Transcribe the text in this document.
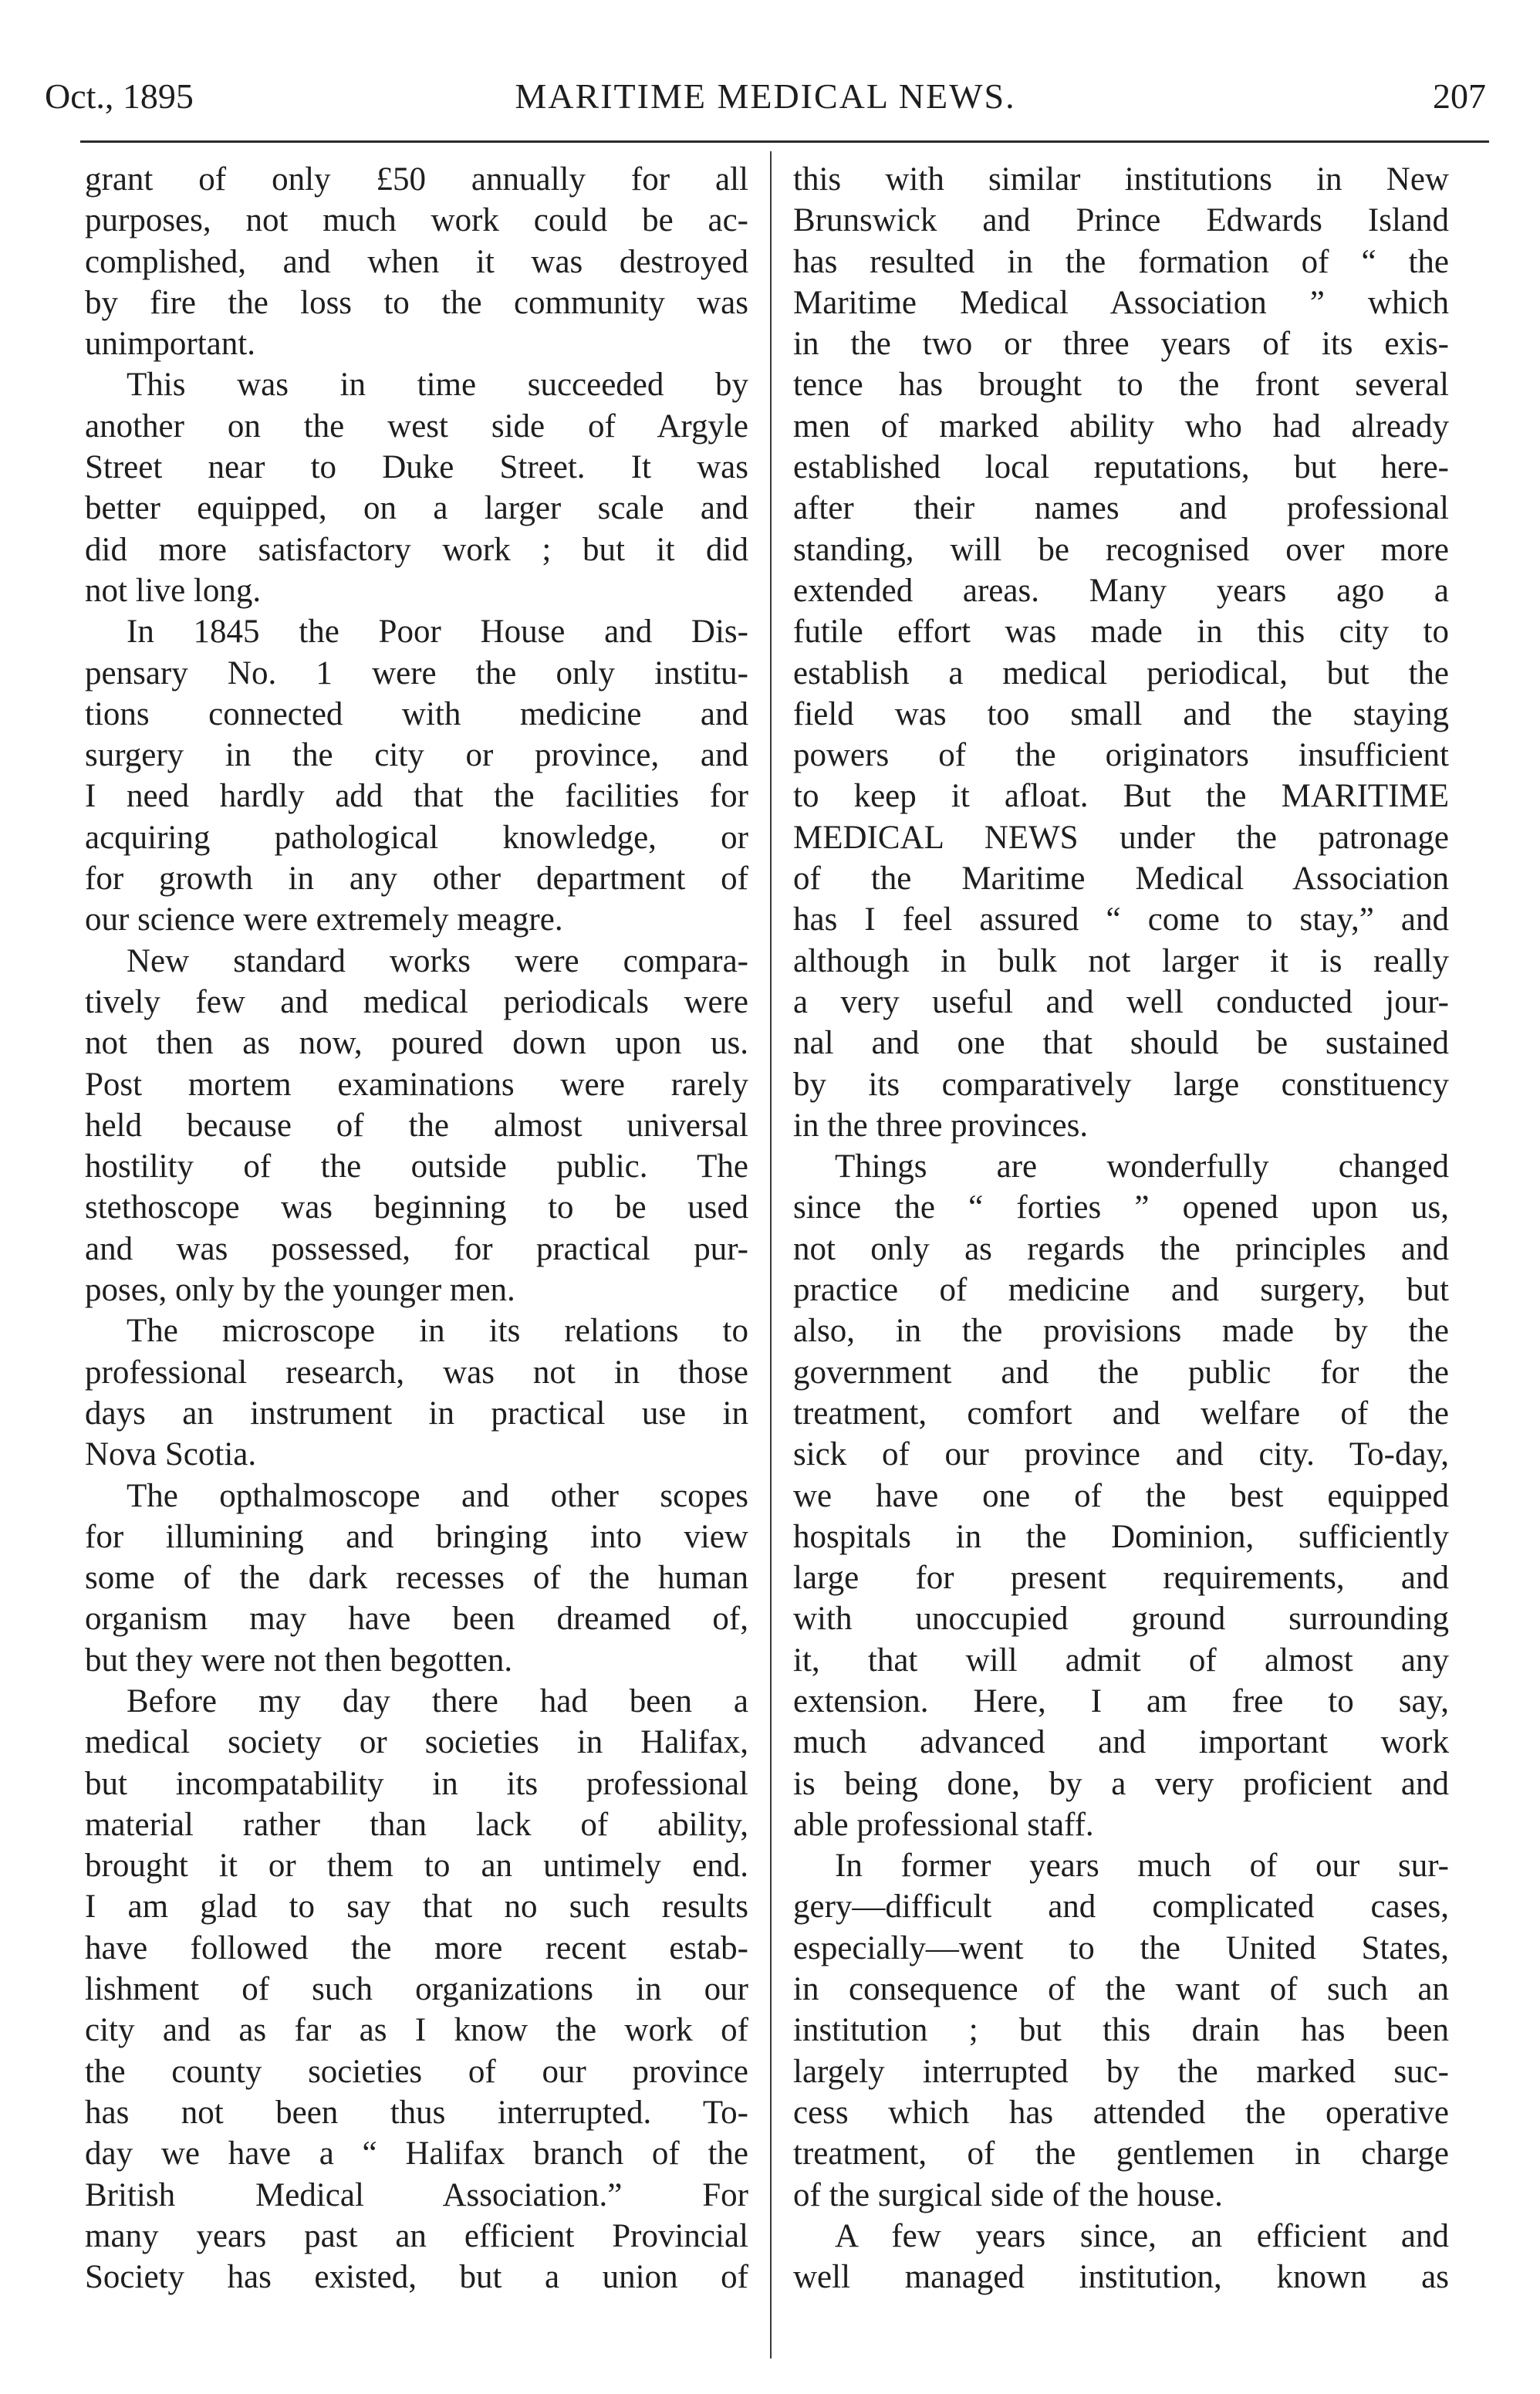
Oct., 1895	MARITIME MEDICAL NEWS.	207
grant of only £50 annually for all
purposes, not much work could be ac-
complished, and when it was destroyed
by fire the loss to the community was
unimportant.
This was in time succeeded by
another on the west side of Argyle
Street near to Duke Street. It was
better equipped, on a larger scale and
did more satisfactory work ; but it did
not live long.
In 1845 the Poor House and Dis-
pensary No. 1 were the only institu-
tions connected with medicine and
surgery in the city or province, and
I need hardly add that the facilities for
acquiring pathological knowledge, or
for growth in any other department of
our science were extremely meagre.
New standard works were compara-
tively few and medical periodicals were
not then as now, poured down upon us.
Post mortem examinations were rarely
held because of the almost universal
hostility of the outside public. The
stethoscope was beginning to be used
and was possessed, for practical pur-
poses, only by the younger men.
The microscope in its relations to
professional research, was not in those
days an instrument in practical use in
Nova Scotia.
The opthalmoscope and other scopes
for illumining and bringing into view
some of the dark recesses of the human
organism may have been dreamed of,
but they were not then begotten.
Before my day there had been a
medical society or societies in Halifax,
but incompatability in its professional
material rather than lack of ability,
brought it or them to an untimely end.
I am glad to say that no such results
have followed the more recent estab-
lishment of such organizations in our
city and as far as I know the work of
the county societies of our province
has not been thus interrupted. To-
day we have a “ Halifax branch of the
British Medical Association.” For
many years past an efficient Provincial
Society has existed, but a union of
this with similar institutions in New
Brunswick and Prince Edwards Island
has resulted in the formation of “ the
Maritime Medical Association ” which
in the two or three years of its exis-
tence has brought to the front several
men of marked ability who had already
established local reputations, but here-
after their names and professional
standing, will be recognised over more
extended areas. Many years ago a
futile effort was made in this city to
establish a medical periodical, but the
field was too small and the staying
powers of the originators insufficient
to keep it afloat. But the MARITIME
MEDICAL NEWS under the patronage
of the Maritime Medical Association
has I feel assured “ come to stay,” and
although in bulk not larger it is really
a very useful and well conducted jour-
nal and one that should be sustained
by its comparatively large constituency
in the three provinces.
Things are wonderfully changed
since the “ forties ” opened upon us,
not only as regards the principles and
practice of medicine and surgery, but
also, in the provisions made by the
government and the public for the
treatment, comfort and welfare of the
sick of our province and city. To-day,
we have one of the best equipped
hospitals in the Dominion, sufficiently
large for present requirements, and
with unoccupied ground surrounding
it, that will admit of almost any
extension. Here, I am free to say,
much advanced and important work
is being done, by a very proficient and
able professional staff.
In former years much of our sur-
gery—difficult and complicated cases,
especially—went to the United States,
in consequence of the want of such an
institution ; but this drain has been
largely interrupted by the marked suc-
cess which has attended the operative
treatment, of the gentlemen in charge
of the surgical side of the house.
A few years since, an efficient and
well managed institution, known as
